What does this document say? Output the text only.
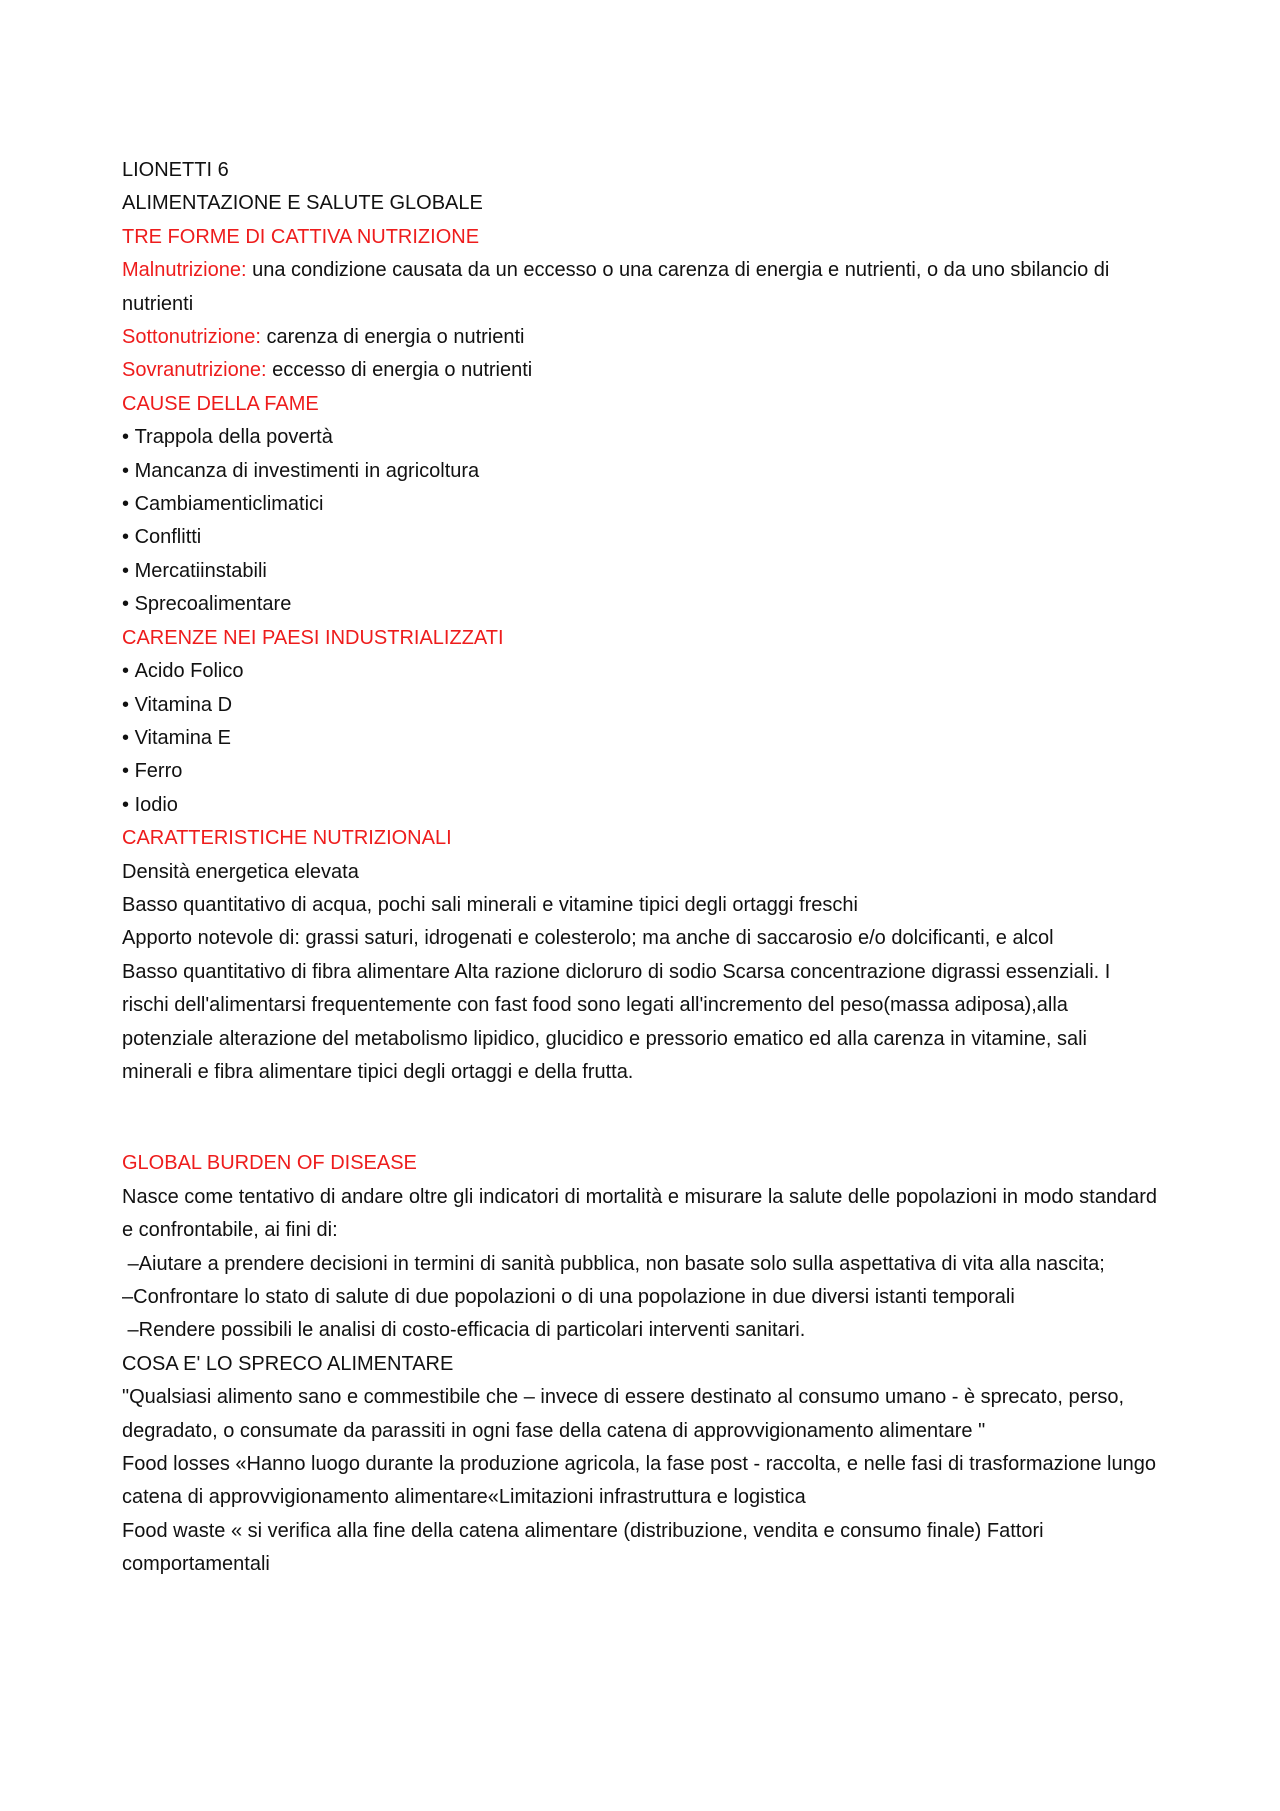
LIONETTI 6
ALIMENTAZIONE E SALUTE GLOBALE
TRE FORME DI CATTIVA NUTRIZIONE
Malnutrizione: una condizione causata da un eccesso o una carenza di energia e nutrienti, o da uno sbilancio di nutrienti
Sottonutrizione: carenza di energia o nutrienti
Sovranutrizione: eccesso di energia o nutrienti
CAUSE DELLA FAME
• Trappola della povertà
• Mancanza di investimenti in agricoltura
• Cambiamenticlimatici
• Conflitti
• Mercatiinstabili
• Sprecoalimentare
CARENZE NEI PAESI INDUSTRIALIZZATI
• Acido Folico
• Vitamina D
• Vitamina E
• Ferro
• Iodio
CARATTERISTICHE NUTRIZIONALI
Densità energetica elevata
Basso quantitativo di acqua, pochi sali minerali e vitamine tipici degli ortaggi freschi
Apporto notevole di: grassi saturi, idrogenati e colesterolo; ma anche di saccarosio e/o dolcificanti, e alcol
Basso quantitativo di fibra alimentare Alta razione dicloruro di sodio Scarsa concentrazione digrassi essenziali. I rischi dell'alimentarsi frequentemente con fast food sono legati all'incremento del peso(massa adiposa),alla potenziale alterazione del metabolismo lipidico, glucidico e pressorio ematico ed alla carenza in vitamine, sali minerali e fibra alimentare tipici degli ortaggi e della frutta.
GLOBAL BURDEN OF DISEASE
Nasce come tentativo di andare oltre gli indicatori di mortalità e misurare la salute delle popolazioni in modo standard e confrontabile, ai fini di:
–Aiutare a prendere decisioni in termini di sanità pubblica, non basate solo sulla aspettativa di vita alla nascita;
–Confrontare lo stato di salute di due popolazioni o di una popolazione in due diversi istanti temporali
–Rendere possibili le analisi di costo-efficacia di particolari interventi sanitari.
COSA E' LO SPRECO ALIMENTARE
"Qualsiasi alimento sano e commestibile che – invece di essere destinato al consumo umano - è sprecato, perso, degradato, o consumate da parassiti in ogni fase della catena di approvvigionamento alimentare "
Food losses «Hanno luogo durante la produzione agricola, la fase post - raccolta, e nelle fasi di trasformazione lungo catena di approvvigionamento alimentare«Limitazioni infrastruttura e logistica
Food waste « si verifica alla fine della catena alimentare (distribuzione, vendita e consumo finale) Fattori comportamentali
